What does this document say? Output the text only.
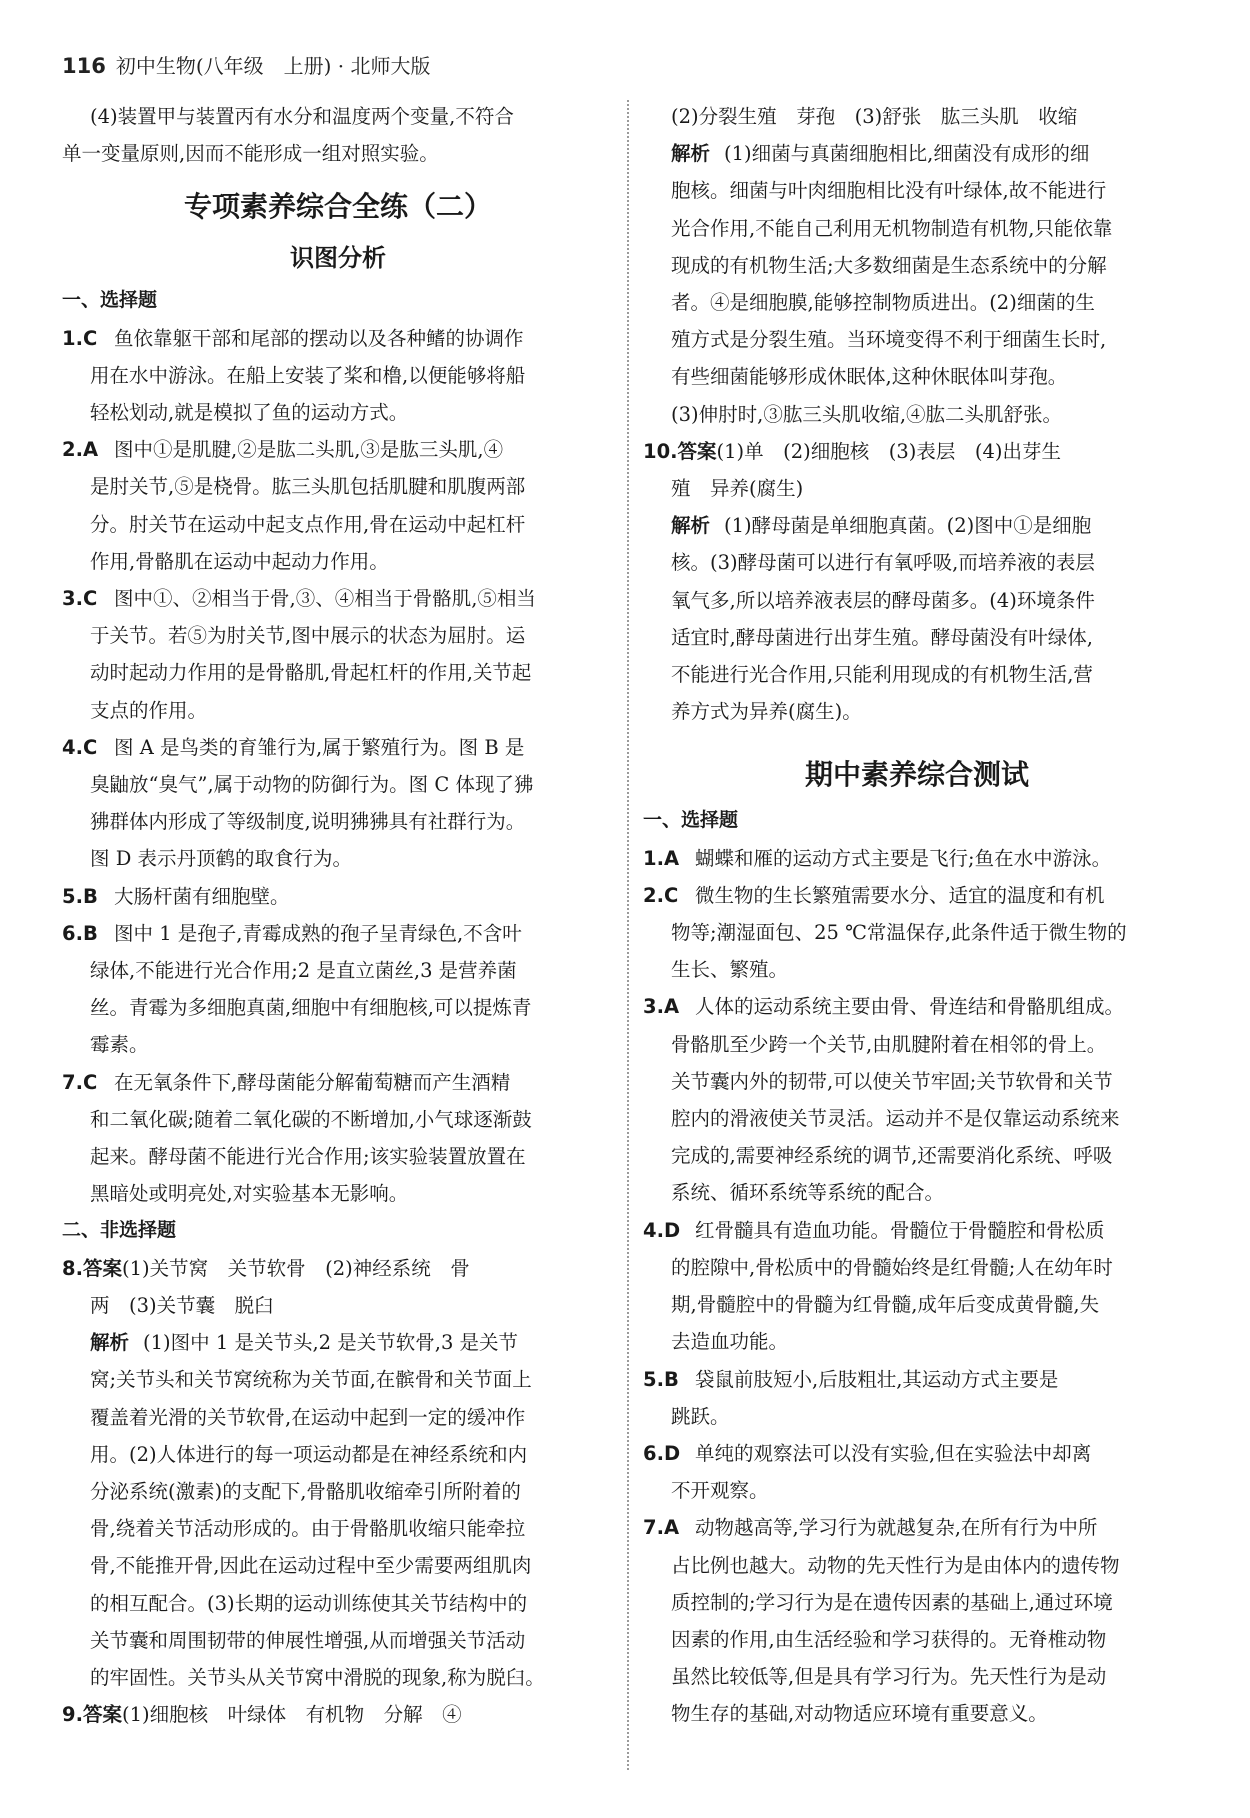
116 初中生物(八年级　上册) · 北师大版
(4)装置甲与装置丙有水分和温度两个变量,不符合
单一变量原则,因而不能形成一组对照实验。
专项素养综合全练（二）
识图分析
一、选择题
1.C 鱼依靠躯干部和尾部的摆动以及各种鳍的协调作
用在水中游泳。在船上安装了桨和橹,以便能够将船
轻松划动,就是模拟了鱼的运动方式。
2.A 图中①是肌腱,②是肱二头肌,③是肱三头肌,④
是肘关节,⑤是桡骨。肱三头肌包括肌腱和肌腹两部
分。肘关节在运动中起支点作用,骨在运动中起杠杆
作用,骨骼肌在运动中起动力作用。
3.C 图中①、②相当于骨,③、④相当于骨骼肌,⑤相当
于关节。若⑤为肘关节,图中展示的状态为屈肘。运
动时起动力作用的是骨骼肌,骨起杠杆的作用,关节起
支点的作用。
4.C 图 A 是鸟类的育雏行为,属于繁殖行为。图 B 是
臭鼬放“臭气”,属于动物的防御行为。图 C 体现了狒
狒群体内形成了等级制度,说明狒狒具有社群行为。
图 D 表示丹顶鹤的取食行为。
5.B 大肠杆菌有细胞壁。
6.B 图中 1 是孢子,青霉成熟的孢子呈青绿色,不含叶
绿体,不能进行光合作用;2 是直立菌丝,3 是营养菌
丝。青霉为多细胞真菌,细胞中有细胞核,可以提炼青
霉素。
7.C 在无氧条件下,酵母菌能分解葡萄糖而产生酒精
和二氧化碳;随着二氧化碳的不断增加,小气球逐渐鼓
起来。酵母菌不能进行光合作用;该实验装置放置在
黑暗处或明亮处,对实验基本无影响。
二、非选择题
8.答案(1)关节窝　关节软骨　(2)神经系统　骨
两　(3)关节囊　脱臼
解析 (1)图中 1 是关节头,2 是关节软骨,3 是关节
窝;关节头和关节窝统称为关节面,在髌骨和关节面上
覆盖着光滑的关节软骨,在运动中起到一定的缓冲作
用。(2)人体进行的每一项运动都是在神经系统和内
分泌系统(激素)的支配下,骨骼肌收缩牵引所附着的
骨,绕着关节活动形成的。由于骨骼肌收缩只能牵拉
骨,不能推开骨,因此在运动过程中至少需要两组肌肉
的相互配合。(3)长期的运动训练使其关节结构中的
关节囊和周围韧带的伸展性增强,从而增强关节活动
的牢固性。关节头从关节窝中滑脱的现象,称为脱臼。
9.答案(1)细胞核　叶绿体　有机物　分解　④
(2)分裂生殖　芽孢　(3)舒张　肱三头肌　收缩
解析 (1)细菌与真菌细胞相比,细菌没有成形的细
胞核。细菌与叶肉细胞相比没有叶绿体,故不能进行
光合作用,不能自己利用无机物制造有机物,只能依靠
现成的有机物生活;大多数细菌是生态系统中的分解
者。④是细胞膜,能够控制物质进出。(2)细菌的生
殖方式是分裂生殖。当环境变得不利于细菌生长时,
有些细菌能够形成休眠体,这种休眠体叫芽孢。
(3)伸肘时,③肱三头肌收缩,④肱二头肌舒张。
10.答案(1)单　(2)细胞核　(3)表层　(4)出芽生
殖　异养(腐生)
解析 (1)酵母菌是单细胞真菌。(2)图中①是细胞
核。(3)酵母菌可以进行有氧呼吸,而培养液的表层
氧气多,所以培养液表层的酵母菌多。(4)环境条件
适宜时,酵母菌进行出芽生殖。酵母菌没有叶绿体,
不能进行光合作用,只能利用现成的有机物生活,营
养方式为异养(腐生)。
期中素养综合测试
一、选择题
1.A 蝴蝶和雁的运动方式主要是飞行;鱼在水中游泳。
2.C 微生物的生长繁殖需要水分、适宜的温度和有机
物等;潮湿面包、25 ℃常温保存,此条件适于微生物的
生长、繁殖。
3.A 人体的运动系统主要由骨、骨连结和骨骼肌组成。
骨骼肌至少跨一个关节,由肌腱附着在相邻的骨上。
关节囊内外的韧带,可以使关节牢固;关节软骨和关节
腔内的滑液使关节灵活。运动并不是仅靠运动系统来
完成的,需要神经系统的调节,还需要消化系统、呼吸
系统、循环系统等系统的配合。
4.D 红骨髓具有造血功能。骨髓位于骨髓腔和骨松质
的腔隙中,骨松质中的骨髓始终是红骨髓;人在幼年时
期,骨髓腔中的骨髓为红骨髓,成年后变成黄骨髓,失
去造血功能。
5.B 袋鼠前肢短小,后肢粗壮,其运动方式主要是
跳跃。
6.D 单纯的观察法可以没有实验,但在实验法中却离
不开观察。
7.A 动物越高等,学习行为就越复杂,在所有行为中所
占比例也越大。动物的先天性行为是由体内的遗传物
质控制的;学习行为是在遗传因素的基础上,通过环境
因素的作用,由生活经验和学习获得的。无脊椎动物
虽然比较低等,但是具有学习行为。先天性行为是动
物生存的基础,对动物适应环境有重要意义。
